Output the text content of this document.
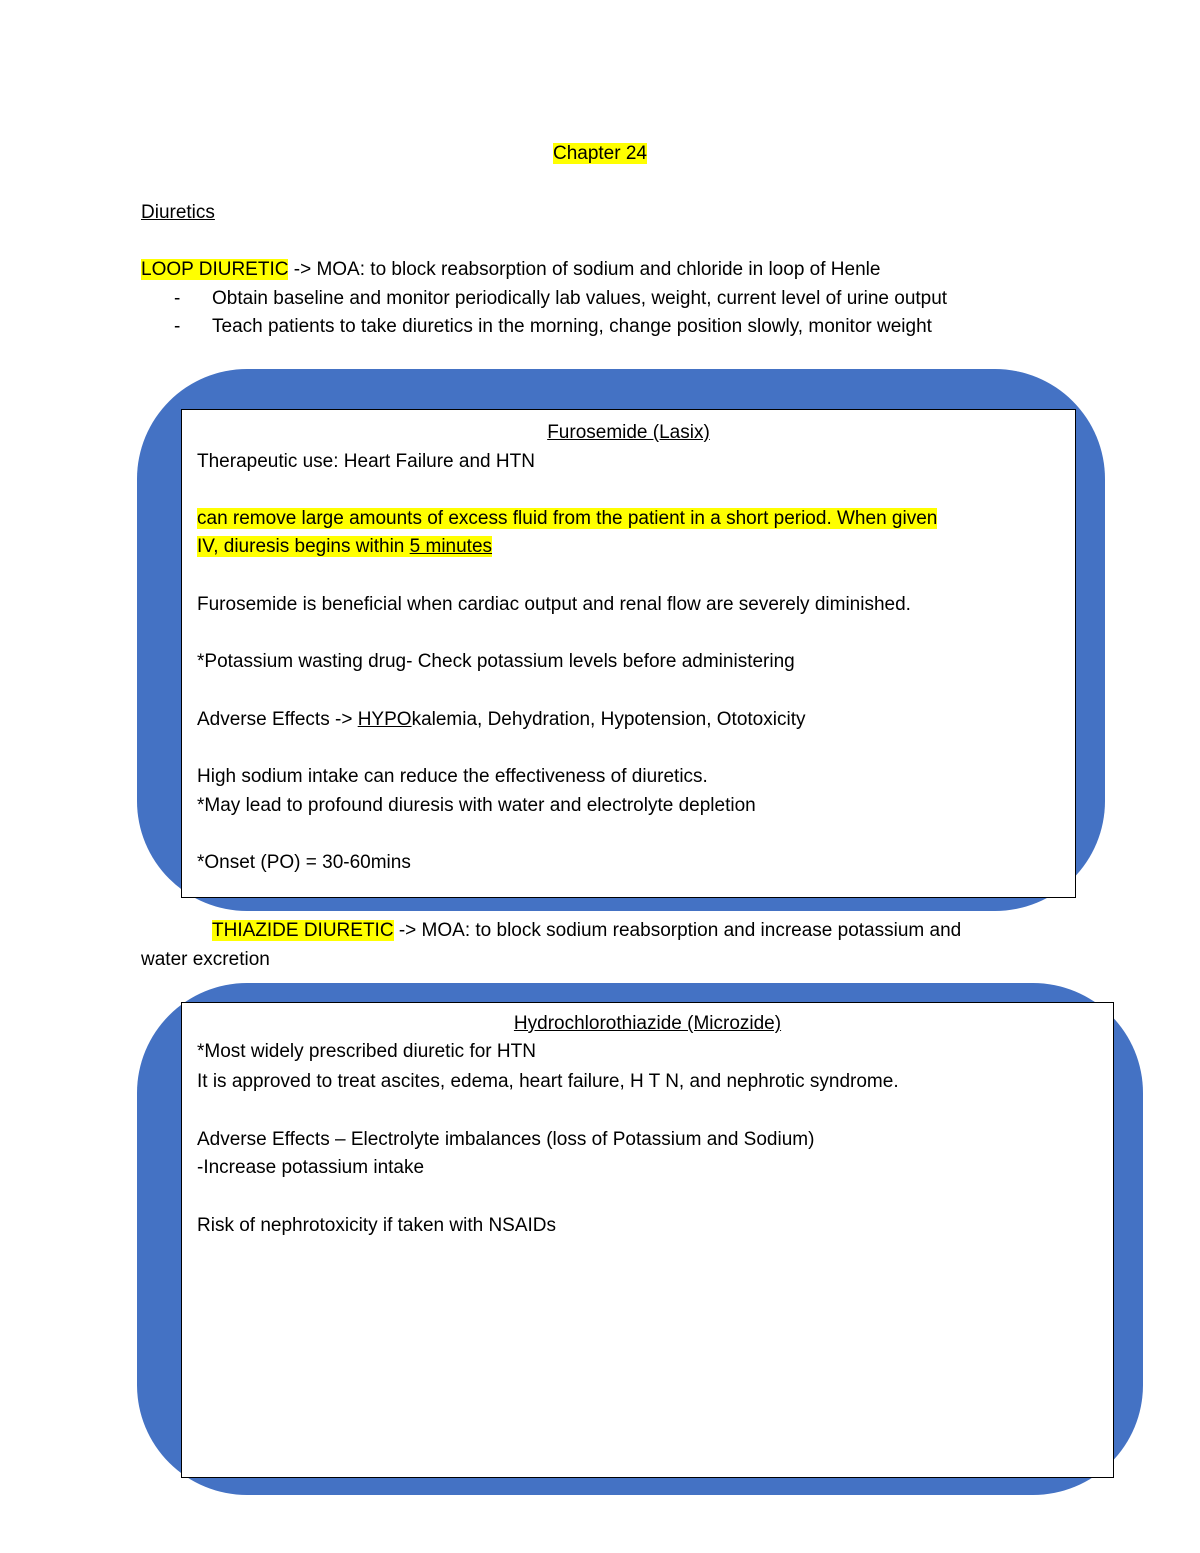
Chapter 24
Diuretics
LOOP DIURETIC -> MOA: to block reabsorption of sodium and chloride in loop of Henle
- Obtain baseline and monitor periodically lab values, weight, current level of urine output
- Teach patients to take diuretics in the morning, change position slowly, monitor weight
Furosemide (Lasix)
Therapeutic use: Heart Failure and HTN
can remove large amounts of excess fluid from the patient in a short period. When given
IV, diuresis begins within 5 minutes
Furosemide is beneficial when cardiac output and renal flow are severely diminished.
*Potassium wasting drug- Check potassium levels before administering
Adverse Effects -> HYPOkalemia, Dehydration, Hypotension, Ototoxicity
High sodium intake can reduce the effectiveness of diuretics.
*May lead to profound diuresis with water and electrolyte depletion
*Onset (PO) = 30-60mins
THIAZIDE DIURETIC -> MOA: to block sodium reabsorption and increase potassium and
water excretion
Hydrochlorothiazide (Microzide)
*Most widely prescribed diuretic for HTN
It is approved to treat ascites, edema, heart failure, H T N, and nephrotic syndrome.
Adverse Effects – Electrolyte imbalances (loss of Potassium and Sodium)
-Increase potassium intake
Risk of nephrotoxicity if taken with NSAIDs
